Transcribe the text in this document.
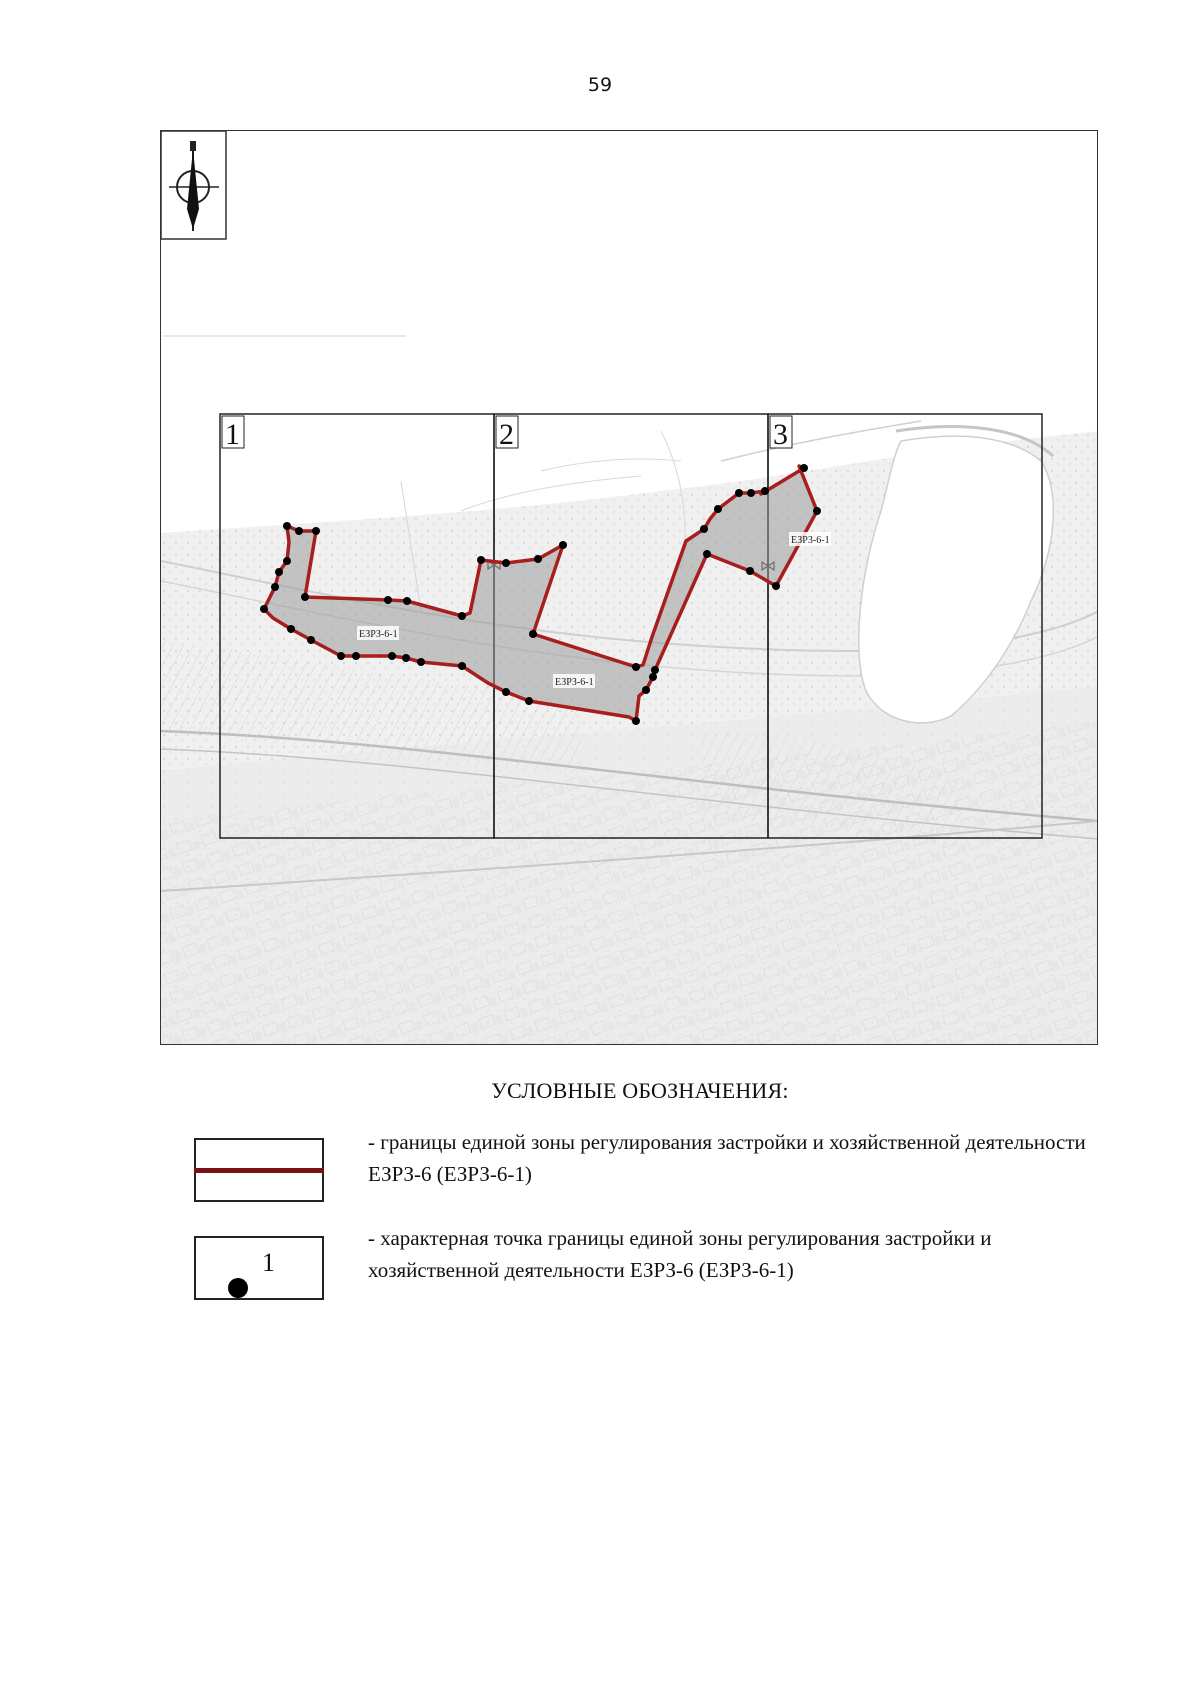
59
1	2	3
ЕЗРЗ-6-1
ЕЗРЗ-6-1
ЕЗРЗ-6-1
УСЛОВНЫЕ ОБОЗНАЧЕНИЯ:
- границы единой зоны регулирования застройки и хозяйственной деятельности ЕЗРЗ-6 (ЕЗРЗ-6-1)
1
- характерная точка границы единой зоны регулирования застройки и хозяйственной деятельности ЕЗРЗ-6 (ЕЗРЗ-6-1)
